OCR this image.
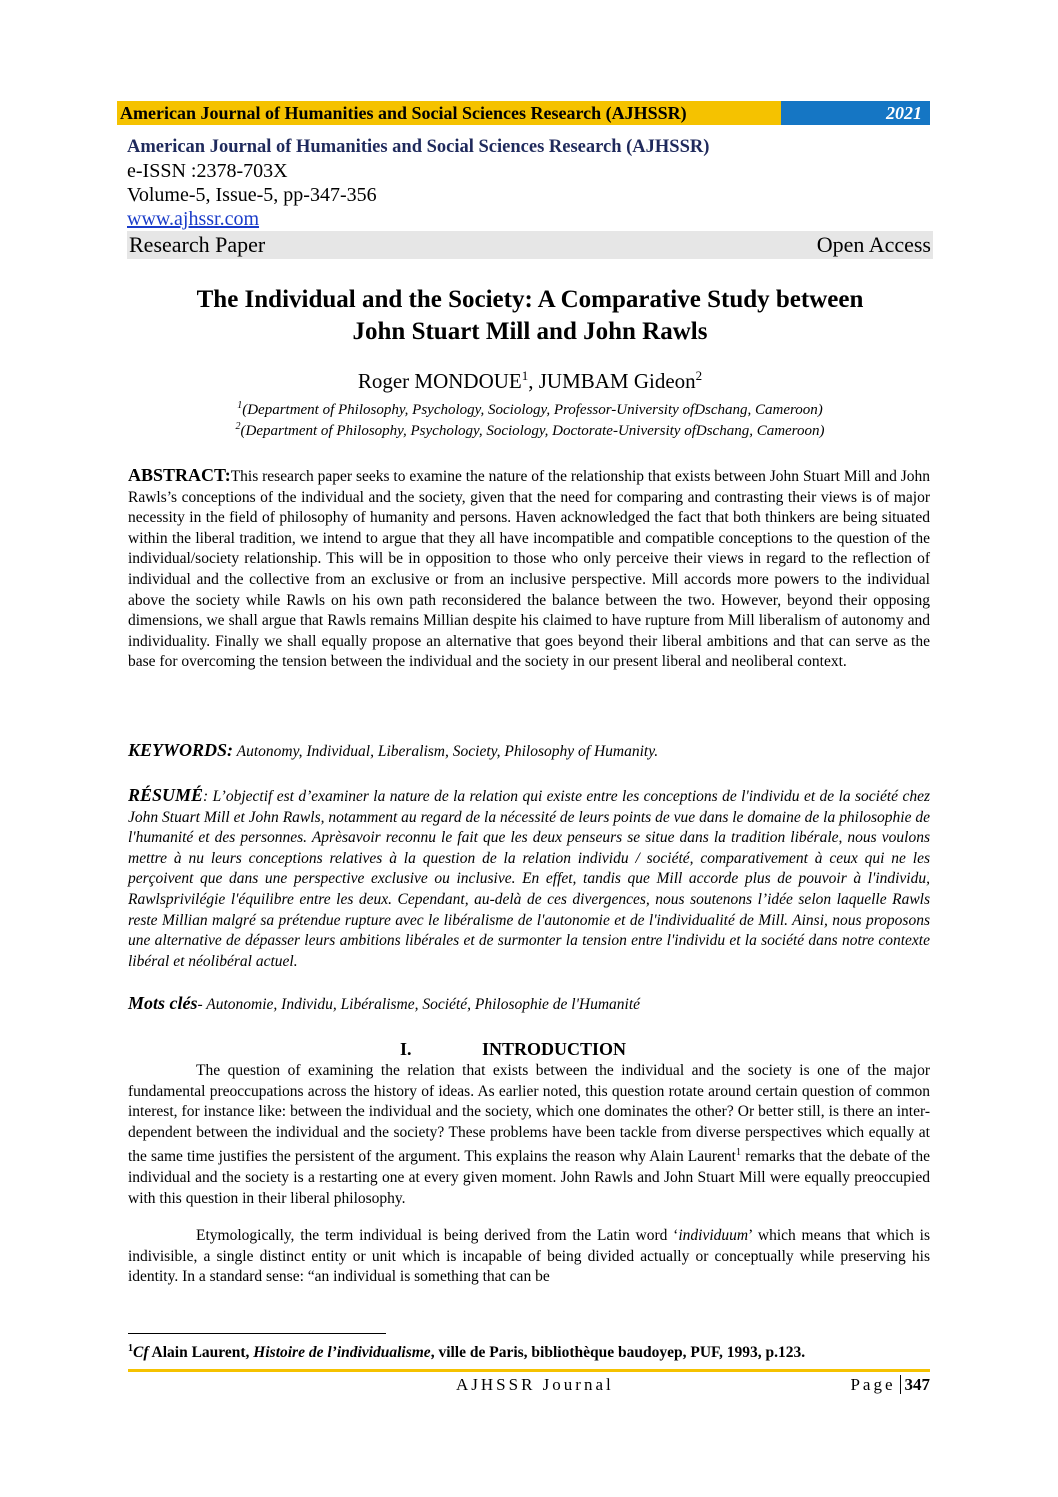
American Journal of Humanities and Social Sciences Research (AJHSSR)	2021
American Journal of Humanities and Social Sciences Research (AJHSSR)
e-ISSN :2378-703X
Volume-5, Issue-5, pp-347-356
www.ajhssr.com
Research Paper	Open Access
The Individual and the Society: A Comparative Study between
John Stuart Mill and John Rawls
Roger MONDOUE$^1$, JUMBAM Gideon$^2$
$^1$(Department of Philosophy, Psychology, Sociology, Professor-University ofDschang, Cameroon)
$^2$(Department of Philosophy, Psychology, Sociology, Doctorate-University ofDschang, Cameroon)
ABSTRACT:This research paper seeks to examine the nature of the relationship that exists between John Stuart Mill and John Rawls’s conceptions of the individual and the society, given that the need for comparing and contrasting their views is of major necessity in the field of philosophy of humanity and persons. Haven acknowledged the fact that both thinkers are being situated within the liberal tradition, we intend to argue that they all have incompatible and compatible conceptions to the question of the individual/society relationship. This will be in opposition to those who only perceive their views in regard to the reflection of individual and the collective from an exclusive or from an inclusive perspective. Mill accords more powers to the individual above the society while Rawls on his own path reconsidered the balance between the two. However, beyond their opposing dimensions, we shall argue that Rawls remains Millian despite his claimed to have rupture from Mill liberalism of autonomy and individuality. Finally we shall equally propose an alternative that goes beyond their liberal ambitions and that can serve as the base for overcoming the tension between the individual and the society in our present liberal and neoliberal context.
KEYWORDS: Autonomy, Individual, Liberalism, Society, Philosophy of Humanity.
RÉSUMÉ: L’objectif est d’examiner la nature de la relation qui existe entre les conceptions de l'individu et de la société chez John Stuart Mill et John Rawls, notamment au regard de la nécessité de leurs points de vue dans le domaine de la philosophie de l'humanité et des personnes. Aprèsavoir reconnu le fait que les deux penseurs se situe dans la tradition libérale, nous voulons mettre à nu leurs conceptions relatives à la question de la relation individu / société, comparativement à ceux qui ne les perçoivent que dans une perspective exclusive ou inclusive. En effet, tandis que Mill accorde plus de pouvoir à l'individu, Rawlsprivilégie l'équilibre entre les deux. Cependant, au-delà de ces divergences, nous soutenons l’idée selon laquelle Rawls reste Millian malgré sa prétendue rupture avec le libéralisme de l'autonomie et de l'individualité de Mill. Ainsi, nous proposons une alternative de dépasser leurs ambitions libérales et de surmonter la tension entre l'individu et la société dans notre contexte libéral et néolibéral actuel.
Mots clés- Autonomie, Individu, Libéralisme, Société, Philosophie de l'Humanité
I.	INTRODUCTION
The question of examining the relation that exists between the individual and the society is one of the major fundamental preoccupations across the history of ideas. As earlier noted, this question rotate around certain question of common interest, for instance like: between the individual and the society, which one dominates the other? Or better still, is there an inter-dependent between the individual and the society? These problems have been tackle from diverse perspectives which equally at the same time justifies the persistent of the argument. This explains the reason why Alain Laurent$^1$ remarks that the debate of the individual and the society is a restarting one at every given moment. John Rawls and John Stuart Mill were equally preoccupied with this question in their liberal philosophy.
Etymologically, the term individual is being derived from the Latin word ‘individuum’ which means that which is indivisible, a single distinct entity or unit which is incapable of being divided actually or conceptually while preserving his identity. In a standard sense: “an individual is something that can be
$^1$Cf Alain Laurent, Histoire de l’individualisme, ville de Paris, bibliothèque baudoyep, PUF, 1993, p.123.
AJHSSR Journal	Page 347
